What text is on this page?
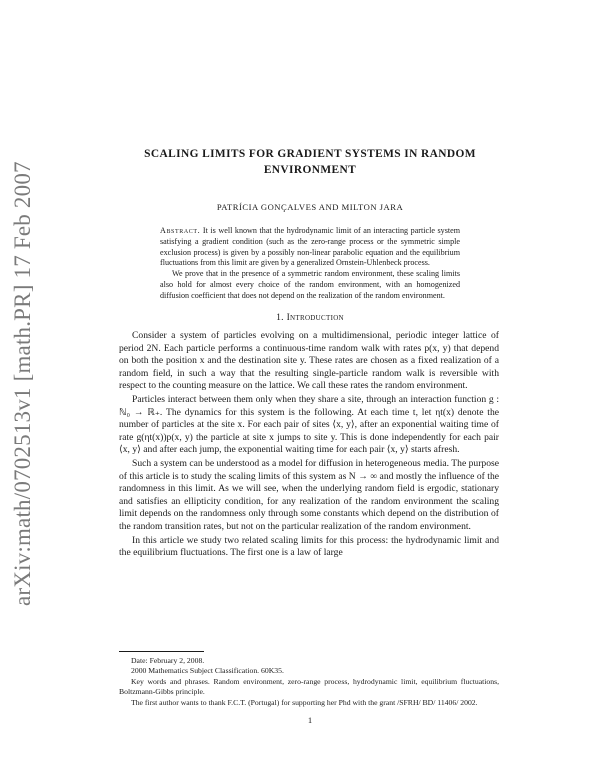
arXiv:math/0702513v1 [math.PR] 17 Feb 2007
SCALING LIMITS FOR GRADIENT SYSTEMS IN RANDOM ENVIRONMENT
PATRÍCIA GONÇALVES AND MILTON JARA

Abstract. It is well known that the hydrodynamic limit of an interacting particle system satisfying a gradient condition (such as the zero-range process or the symmetric simple exclusion process) is given by a possibly non-linear parabolic equation and the equilibrium fluctuations from this limit are given by a generalized Ornstein-Uhlenbeck process.

We prove that in the presence of a symmetric random environment, these scaling limits also hold for almost every choice of the random environment, with an homogenized diffusion coefficient that does not depend on the realization of the random environment.

1. Introduction

Consider a system of particles evolving on a multidimensional, periodic integer lattice of period 2N. Each particle performs a continuous-time random walk with rates p(x, y) that depend on both the position x and the destination site y. These rates are chosen as a fixed realization of a random field, in such a way that the resulting single-particle random walk is reversible with respect to the counting measure on the lattice. We call these rates the random environment.

Particles interact between them only when they share a site, through an interaction function g : ℕ₀ → ℝ₊. The dynamics for this system is the following. At each time t, let ηt(x) denote the number of particles at the site x. For each pair of sites ⟨x, y⟩, after an exponential waiting time of rate g(ηt(x))p(x, y) the particle at site x jumps to site y. This is done independently for each pair ⟨x, y⟩ and after each jump, the exponential waiting time for each pair ⟨x, y⟩ starts afresh.

Such a system can be understood as a model for diffusion in heterogeneous media. The purpose of this article is to study the scaling limits of this system as N → ∞ and mostly the influence of the randomness in this limit. As we will see, when the underlying random field is ergodic, stationary and satisfies an ellipticity condition, for any realization of the random environment the scaling limit depends on the randomness only through some constants which depend on the distribution of the random transition rates, but not on the particular realization of the random environment.

In this article we study two related scaling limits for this process: the hydrodynamic limit and the equilibrium fluctuations. The first one is a law of large

Date: February 2, 2008.

2000 Mathematics Subject Classification. 60K35.

Key words and phrases. Random environment, zero-range process, hydrodynamic limit, equilibrium fluctuations, Boltzmann-Gibbs principle.

The first author wants to thank F.C.T. (Portugal) for supporting her Phd with the grant /SFRH/ BD/ 11406/ 2002.

1
